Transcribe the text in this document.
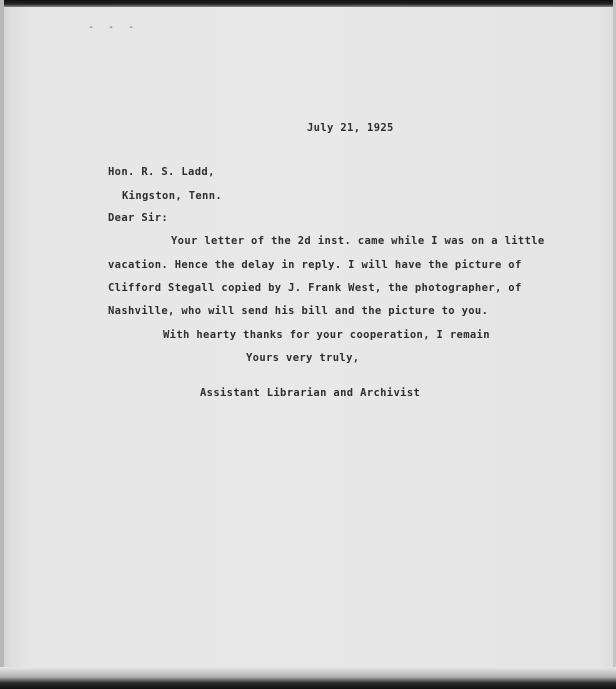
- - -
July 21, 1925
Hon. R. S. Ladd,
Kingston, Tenn.
Dear Sir:
Your letter of the 2d inst. came while I was on a little
vacation. Hence the delay in reply. I will have the picture of
Clifford Stegall copied by J. Frank West, the photographer, of
Nashville, who will send his bill and the picture to you.
With hearty thanks for your cooperation, I remain
Yours very truly,
Assistant Librarian and Archivist
